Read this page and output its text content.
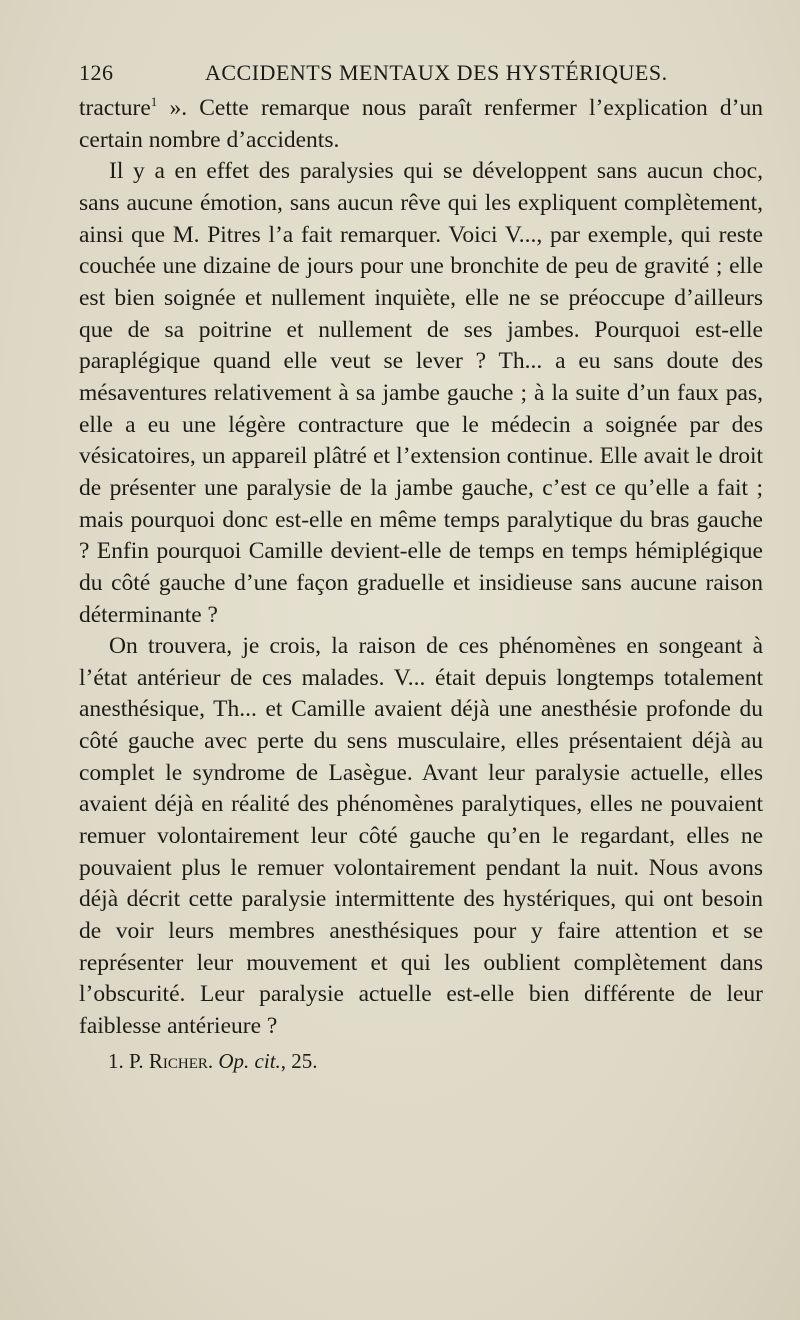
126	ACCIDENTS MENTAUX DES HYSTÉRIQUES.

tracture$^1$ ». Cette remarque nous paraît renfermer l’explication d’un certain nombre d’accidents.

Il y a en effet des paralysies qui se développent sans aucun choc, sans aucune émotion, sans aucun rêve qui les expliquent complètement, ainsi que M. Pitres l’a fait remarquer. Voici V..., par exemple, qui reste couchée une dizaine de jours pour une bronchite de peu de gravité ; elle est bien soignée et nullement inquiète, elle ne se préoccupe d’ailleurs que de sa poitrine et nullement de ses jambes. Pourquoi est-elle paraplégique quand elle veut se lever ? Th... a eu sans doute des mésaventures relativement à sa jambe gauche ; à la suite d’un faux pas, elle a eu une légère contracture que le médecin a soignée par des vésicatoires, un appareil plâtré et l’extension continue. Elle avait le droit de présenter une paralysie de la jambe gauche, c’est ce qu’elle a fait ; mais pourquoi donc est-elle en même temps paralytique du bras gauche ? Enfin pourquoi Camille devient-elle de temps en temps hémiplégique du côté gauche d’une façon graduelle et insidieuse sans aucune raison déterminante ?

On trouvera, je crois, la raison de ces phénomènes en songeant à l’état antérieur de ces malades. V... était depuis longtemps totalement anesthésique, Th... et Camille avaient déjà une anesthésie profonde du côté gauche avec perte du sens musculaire, elles présentaient déjà au complet le syndrome de Lasègue. Avant leur paralysie actuelle, elles avaient déjà en réalité des phénomènes paralytiques, elles ne pouvaient remuer volontairement leur côté gauche qu’en le regardant, elles ne pouvaient plus le remuer volontairement pendant la nuit. Nous avons déjà décrit cette paralysie intermittente des hystériques, qui ont besoin de voir leurs membres anesthésiques pour y faire attention et se représenter leur mouvement et qui les oublient complètement dans l’obscurité. Leur paralysie actuelle est-elle bien différente de leur faiblesse antérieure ?

1. P. Richer. Op. cit., 25.
